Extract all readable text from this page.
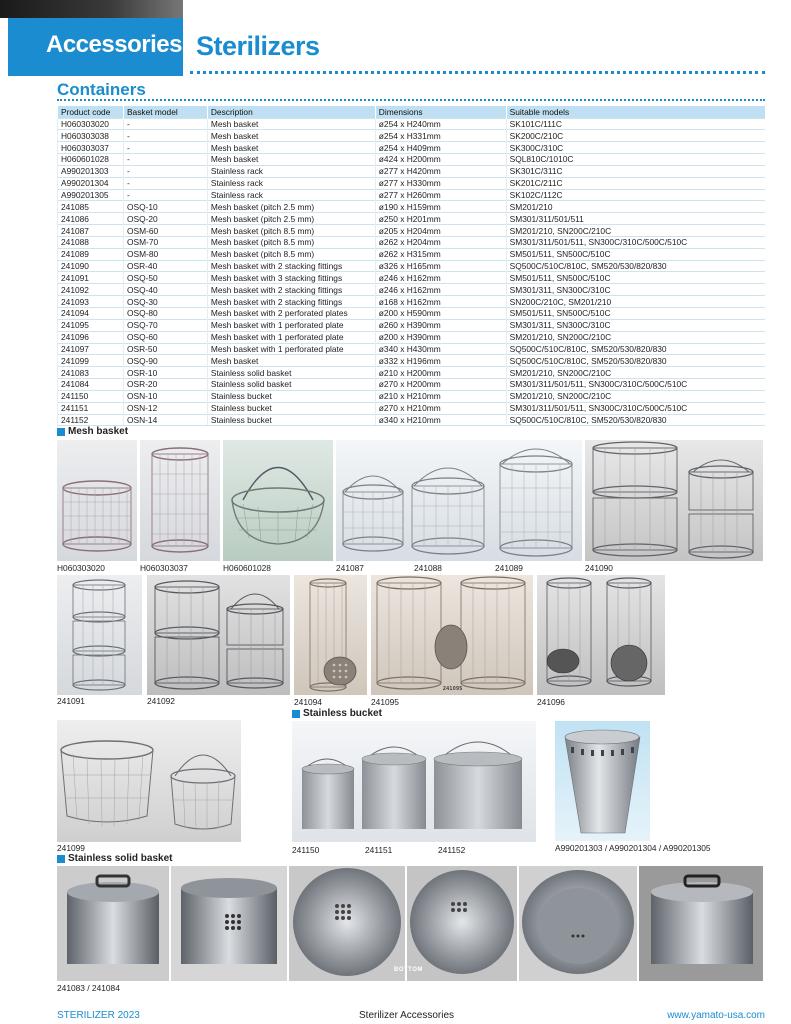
Accessories Sterilizers
Containers
Product code	Basket model	Description	Dimensions	Suitable models
H060303020	-	Mesh basket	ø254 x H240mm	SK101C/111C
H060303038	-	Mesh basket	ø254 x H331mm	SK200C/210C
H060303037	-	Mesh basket	ø254 x H409mm	SK300C/310C
H060601028	-	Mesh basket	ø424 x H200mm	SQL810C/1010C
A990201303	-	Stainless rack	ø277 x H420mm	SK301C/311C
A990201304	-	Stainless rack	ø277 x H330mm	SK201C/211C
A990201305	-	Stainless rack	ø277 x H260mm	SK102C/112C
241085	OSQ-10	Mesh basket (pitch 2.5 mm)	ø190 x H159mm	SM201/210
241086	OSQ-20	Mesh basket (pitch 2.5 mm)	ø250 x H201mm	SM301/311/501/511
241087	OSM-60	Mesh basket (pitch 8.5 mm)	ø205 x H204mm	SM201/210, SN200C/210C
241088	OSM-70	Mesh basket (pitch 8.5 mm)	ø262 x H204mm	SM301/311/501/511, SN300C/310C/500C/510C
241089	OSM-80	Mesh basket (pitch 8.5 mm)	ø262 x H315mm	SM501/511, SN500C/510C
241090	OSR-40	Mesh basket with 2 stacking fittings	ø326 x H165mm	SQ500C/510C/810C, SM520/530/820/830
241091	OSQ-50	Mesh basket with 3 stacking fittings	ø246 x H162mm	SM501/511, SN500C/510C
241092	OSQ-40	Mesh basket with 2 stacking fittings	ø246 x H162mm	SM301/311, SN300C/310C
241093	OSQ-30	Mesh basket with 2 stacking fittings	ø168 x H162mm	SN200C/210C, SM201/210
241094	OSQ-80	Mesh basket with 2 perforated plates	ø200 x H590mm	SM501/511, SN500C/510C
241095	OSQ-70	Mesh basket with 1 perforated plate	ø260 x H390mm	SM301/311, SN300C/310C
241096	OSQ-60	Mesh basket with 1 perforated plate	ø200 x H390mm	SM201/210, SN200C/210C
241097	OSR-50	Mesh basket with 1 perforated plate	ø340 x H430mm	SQ500C/510C/810C, SM520/530/820/830
241099	OSQ-90	Mesh basket	ø332 x H196mm	SQ500C/510C/810C, SM520/530/820/830
241083	OSR-10	Stainless solid basket	ø210 x H200mm	SM201/210, SN200C/210C
241084	OSR-20	Stainless solid basket	ø270 x H200mm	SM301/311/501/511, SN300C/310C/500C/510C
241150	OSN-10	Stainless bucket	ø210 x H210mm	SM201/210, SN200C/210C
241151	OSN-12	Stainless bucket	ø270 x H210mm	SM301/311/501/511, SN300C/310C/500C/510C
241152	OSN-14	Stainless bucket	ø340 x H210mm	SQ500C/510C/810C, SM520/530/820/830
Mesh basket
H060303020	H060303037	H060601028	241087	241088	241089	241090
241095
241091	241092	241094	241095	241096
241099
Stainless bucket
241150	241151	241152	A990201303 / A990201304 / A990201305
Stainless solid basket
BOTTOM
241083 / 241084
STERILIZER 2023	Sterilizer Accessories	www.yamato-usa.com
